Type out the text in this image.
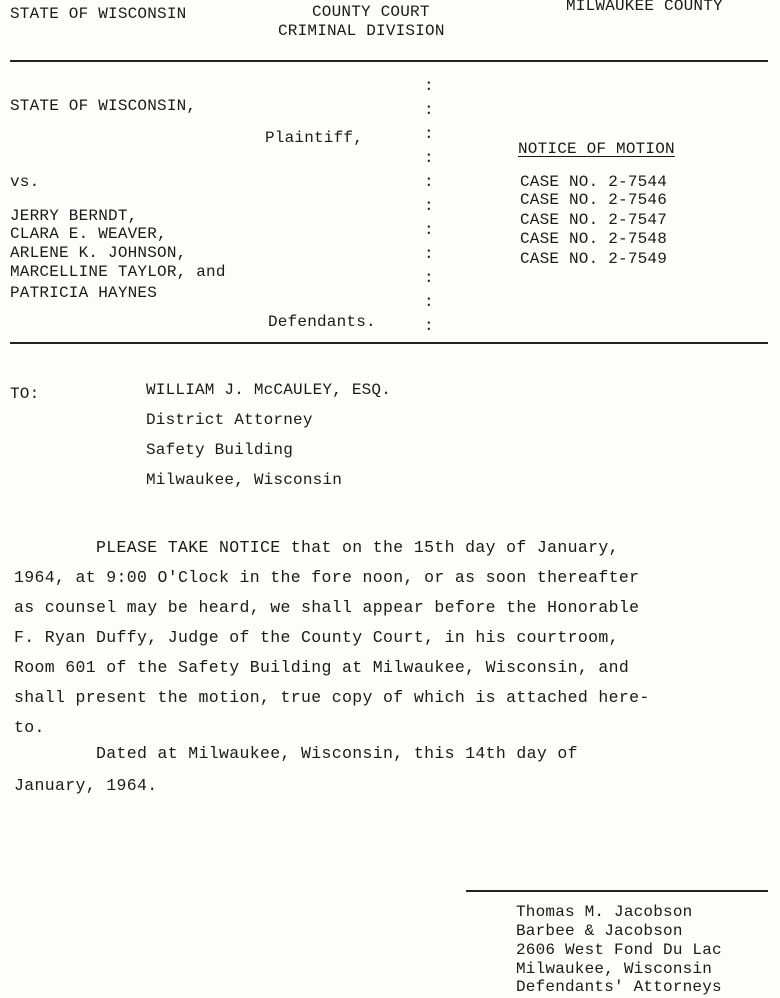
STATE OF WISCONSIN	COUNTY COURT
CRIMINAL DIVISION
MILWAUKEE COUNTY
STATE OF WISCONSIN,
Plaintiff,
vs.
JERRY BERNDT,
CLARA E. WEAVER,
ARLENE K. JOHNSON,
MARCELLINE TAYLOR, and
PATRICIA HAYNES
Defendants.
:
:
:
:
:
:
:
:
:
:
:
NOTICE OF MOTION
CASE NO. 2-7544
CASE NO. 2-7546
CASE NO. 2-7547
CASE NO. 2-7548
CASE NO. 2-7549
TO:	WILLIAM J. McCAULEY, ESQ.
District Attorney
Safety Building
Milwaukee, Wisconsin
PLEASE TAKE NOTICE that on the 15th day of January,
1964, at 9:00 O'Clock in the fore noon, or as soon thereafter
as counsel may be heard, we shall appear before the Honorable
F. Ryan Duffy, Judge of the County Court, in his courtroom,
Room 601 of the Safety Building at Milwaukee, Wisconsin, and
shall present the motion, true copy of which is attached here-
to.
Dated at Milwaukee, Wisconsin, this 14th day of
January, 1964.
Thomas M. Jacobson
Barbee & Jacobson
2606 West Fond Du Lac
Milwaukee, Wisconsin
Defendants' Attorneys
